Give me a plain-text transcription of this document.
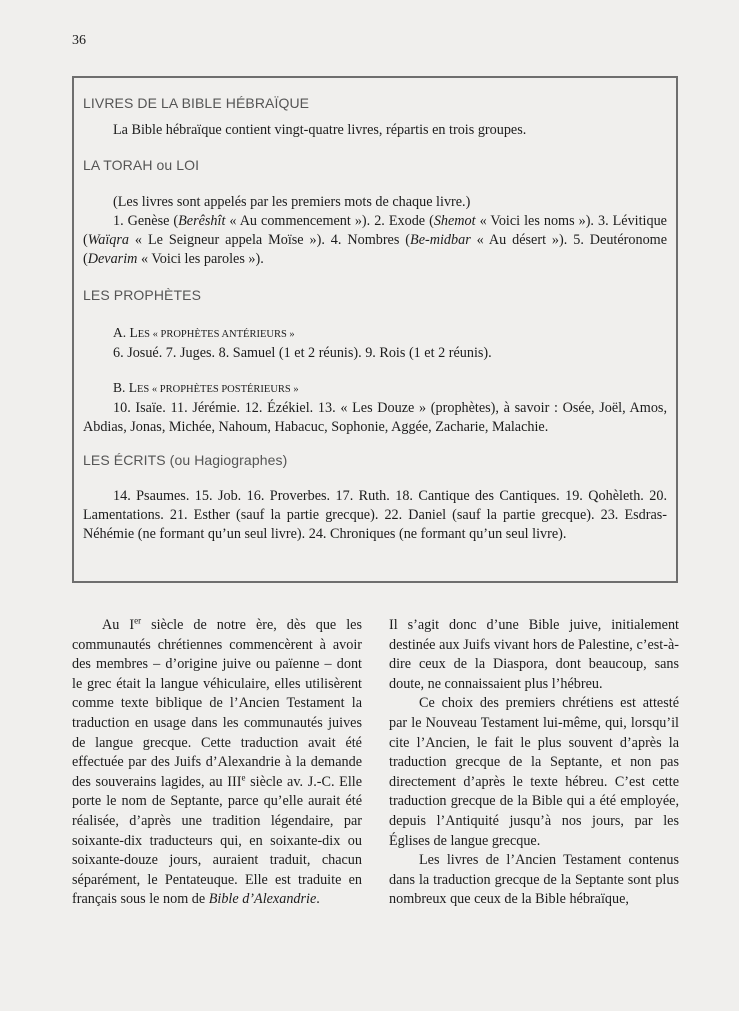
36

LIVRES DE LA BIBLE HÉBRAÏQUE

La Bible hébraïque contient vingt-quatre livres, répartis en trois groupes.

LA TORAH ou LOI

(Les livres sont appelés par les premiers mots de chaque livre.)

1. Genèse (Berêshît « Au commencement »). 2. Exode (Shemot « Voici les noms »). 3. Lévitique (Waïqra « Le Seigneur appela Moïse »). 4. Nombres (Be-midbar « Au désert »). 5. Deutéronome (Devarim « Voici les paroles »).

LES PROPHÈTES

A. LES « PROPHÈTES ANTÉRIEURS »

6. Josué. 7. Juges. 8. Samuel (1 et 2 réunis). 9. Rois (1 et 2 réunis).

B. LES « PROPHÈTES POSTÉRIEURS »

10. Isaïe. 11. Jérémie. 12. Ézékiel. 13. « Les Douze » (prophètes), à savoir : Osée, Joël, Amos, Abdias, Jonas, Michée, Nahoum, Habacuc, Sophonie, Aggée, Zacharie, Malachie.

LES ÉCRITS (ou Hagiographes)

14. Psaumes. 15. Job. 16. Proverbes. 17. Ruth. 18. Cantique des Cantiques. 19. Qohèleth. 20. Lamentations. 21. Esther (sauf la partie grecque). 22. Daniel (sauf la partie grecque). 23. Esdras-Néhémie (ne formant qu’un seul livre). 24. Chroniques (ne formant qu’un seul livre).

Au Ier siècle de notre ère, dès que les communautés chrétiennes commencèrent à avoir des membres – d’origine juive ou païenne – dont le grec était la langue véhiculaire, elles utilisèrent comme texte biblique de l’Ancien Testament la traduction en usage dans les communautés juives de langue grecque. Cette traduction avait été effectuée par des Juifs d’Alexandrie à la demande des souverains lagides, au IIIe siècle av. J.-C. Elle porte le nom de Septante, parce qu’elle aurait été réalisée, d’après une tradition légendaire, par soixante-dix traducteurs qui, en soixante-dix ou soixante-douze jours, auraient traduit, chacun séparément, le Pentateuque. Elle est traduite en français sous le nom de Bible d’Alexandrie.

Il s’agit donc d’une Bible juive, initialement destinée aux Juifs vivant hors de Palestine, c’est-à-dire ceux de la Diaspora, dont beaucoup, sans doute, ne connaissaient plus l’hébreu.

Ce choix des premiers chrétiens est attesté par le Nouveau Testament lui-même, qui, lorsqu’il cite l’Ancien, le fait le plus souvent d’après la traduction grecque de la Septante, et non pas directement d’après le texte hébreu. C’est cette traduction grecque de la Bible qui a été employée, depuis l’Antiquité jusqu’à nos jours, par les Églises de langue grecque.

Les livres de l’Ancien Testament contenus dans la traduction grecque de la Septante sont plus nombreux que ceux de la Bible hébraïque,
